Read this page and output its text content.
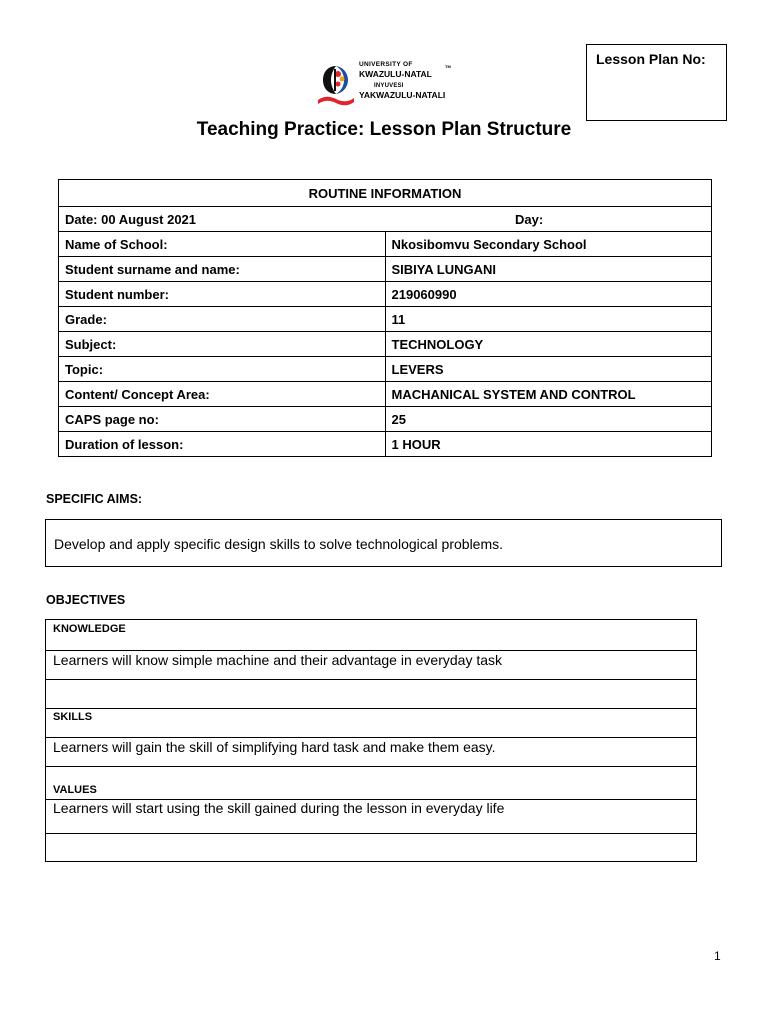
Lesson Plan No:
UNIVERSITY OF
KWAZULU-NATAL
TM
INYUVESI
YAKWAZULU-NATALI
Teaching Practice: Lesson Plan Structure
ROUTINE INFORMATION	
Date: 00 August 2021 Day:	

Name of School:	Nkosibomvu Secondary School
Student surname and name:	SIBIYA LUNGANI
Student number:	219060990
Grade:	11
Subject:	TECHNOLOGY
Topic:	LEVERS
Content/ Concept Area:	MACHANICAL SYSTEM AND CONTROL
CAPS page no:	25
Duration of lesson:	1 HOUR
SPECIFIC AIMS:
Develop and apply specific design skills to solve technological problems.
OBJECTIVES
KNOWLEDGE
Learners will know simple machine and their advantage in everyday task
SKILLS
Learners will gain the skill of simplifying hard task and make them easy.
VALUES
Learners will start using the skill gained during the lesson in everyday life
1
